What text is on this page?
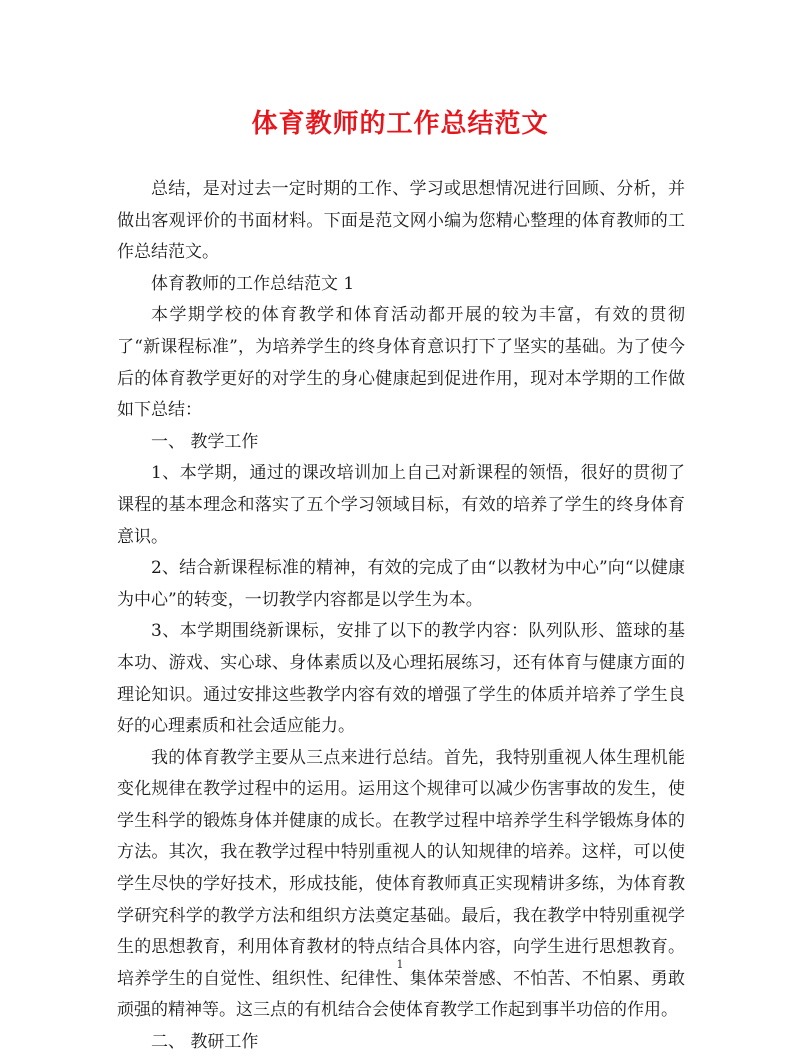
体育教师的工作总结范文

总结，是对过去一定时期的工作、学习或思想情况进行回顾、分析，并做出客观评价的书面材料。下面是范文网小编为您精心整理的体育教师的工作总结范文。

体育教师的工作总结范文 1

本学期学校的体育教学和体育活动都开展的较为丰富，有效的贯彻了“新课程标准”，为培养学生的终身体育意识打下了坚实的基础。为了使今后的体育教学更好的对学生的身心健康起到促进作用，现对本学期的工作做如下总结：

一、 教学工作

1、本学期，通过的课改培训加上自己对新课程的领悟，很好的贯彻了课程的基本理念和落实了五个学习领域目标，有效的培养了学生的终身体育意识。

2、结合新课程标准的精神，有效的完成了由“以教材为中心”向“以健康为中心”的转变，一切教学内容都是以学生为本。

3、本学期围绕新课标，安排了以下的教学内容：队列队形、篮球的基本功、游戏、实心球、身体素质以及心理拓展练习，还有体育与健康方面的理论知识。通过安排这些教学内容有效的增强了学生的体质并培养了学生良好的心理素质和社会适应能力。

我的体育教学主要从三点来进行总结。首先，我特别重视人体生理机能变化规律在教学过程中的运用。运用这个规律可以减少伤害事故的发生，使学生科学的锻炼身体并健康的成长。在教学过程中培养学生科学锻炼身体的方法。其次，我在教学过程中特别重视人的认知规律的培养。这样，可以使学生尽快的学好技术，形成技能，使体育教师真正实现精讲多练，为体育教学研究科学的教学方法和组织方法奠定基础。最后，我在教学中特别重视学生的思想教育，利用体育教材的特点结合具体内容，向学生进行思想教育。培养学生的自觉性、组织性、纪律性、集体荣誉感、不怕苦、不怕累、勇敢顽强的精神等。这三点的有机结合会使体育教学工作起到事半功倍的作用。

二、 教研工作

1
